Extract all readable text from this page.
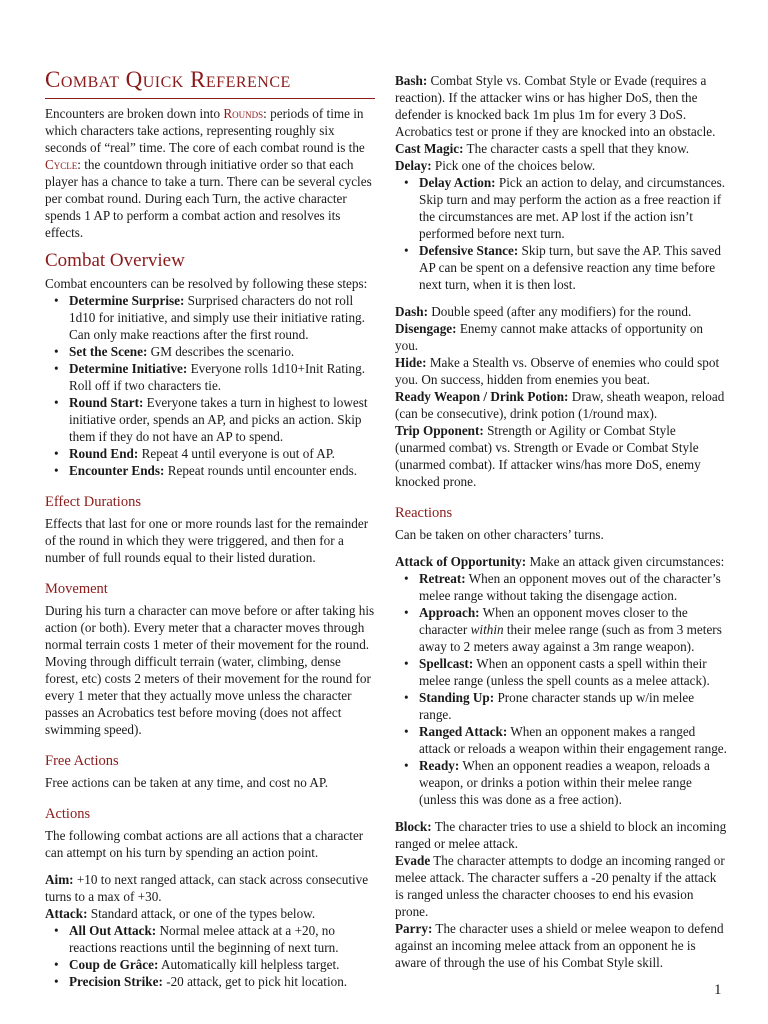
Combat Quick Reference

Encounters are broken down into Rounds: periods of time in which characters take actions, representing roughly six seconds of “real” time. The core of each combat round is the Cycle: the countdown through initiative order so that each player has a chance to take a turn. There can be several cycles per combat round. During each Turn, the active character spends 1 AP to perform a combat action and resolves its effects.

Combat Overview

Combat encounters can be resolved by following these steps:

• Determine Surprise: Surprised characters do not roll 1d10 for initiative, and simply use their initiative rating. Can only make reactions after the first round.
• Set the Scene: GM describes the scenario.
• Determine Initiative: Everyone rolls 1d10+Init Rating. Roll off if two characters tie.
• Round Start: Everyone takes a turn in highest to lowest initiative order, spends an AP, and picks an action. Skip them if they do not have an AP to spend.
• Round End: Repeat 4 until everyone is out of AP.
• Encounter Ends: Repeat rounds until encounter ends.
Effect Durations

Effects that last for one or more rounds last for the remainder of the round in which they were triggered, and then for a number of full rounds equal to their listed duration.

Movement

During his turn a character can move before or after taking his action (or both). Every meter that a character moves through normal terrain costs 1 meter of their movement for the round. Moving through difficult terrain (water, climbing, dense forest, etc) costs 2 meters of their movement for the round for every 1 meter that they actually move unless the character passes an Acrobatics test before moving (does not affect swimming speed).

Free Actions

Free actions can be taken at any time, and cost no AP.

Actions

The following combat actions are all actions that a character can attempt on his turn by spending an action point.

Aim: +10 to next ranged attack, can stack across consecutive turns to a max of +30.

Attack: Standard attack, or one of the types below.

• All Out Attack: Normal melee attack at a +20, no reactions reactions until the beginning of next turn.
• Coup de Grâce: Automatically kill helpless target.
• Precision Strike: -20 attack, get to pick hit location.

Bash: Combat Style vs. Combat Style or Evade (requires a reaction). If the attacker wins or has higher DoS, then the defender is knocked back 1m plus 1m for every 3 DoS. Acrobatics test or prone if they are knocked into an obstacle.

Cast Magic: The character casts a spell that they know.

Delay: Pick one of the choices below.

• Delay Action: Pick an action to delay, and circumstances. Skip turn and may perform the action as a free reaction if the circumstances are met. AP lost if the action isn’t performed before next turn.
• Defensive Stance: Skip turn, but save the AP. This saved AP can be spent on a defensive reaction any time before next turn, when it is then lost.

Dash: Double speed (after any modifiers) for the round.

Disengage: Enemy cannot make attacks of opportunity on you.

Hide: Make a Stealth vs. Observe of enemies who could spot you. On success, hidden from enemies you beat.

Ready Weapon / Drink Potion: Draw, sheath weapon, reload (can be consecutive), drink potion (1/round max).

Trip Opponent: Strength or Agility or Combat Style (unarmed combat) vs. Strength or Evade or Combat Style (unarmed combat). If attacker wins/has more DoS, enemy knocked prone.

Reactions

Can be taken on other characters’ turns.

Attack of Opportunity: Make an attack given circumstances:

• Retreat: When an opponent moves out of the character’s melee range without taking the disengage action.
• Approach: When an opponent moves closer to the character within their melee range (such as from 3 meters away to 2 meters away against a 3m range weapon).
• Spellcast: When an opponent casts a spell within their melee range (unless the spell counts as a melee attack).
• Standing Up: Prone character stands up w/in melee range.
• Ranged Attack: When an opponent makes a ranged attack or reloads a weapon within their engagement range.
• Ready: When an opponent readies a weapon, reloads a weapon, or drinks a potion within their melee range (unless this was done as a free action).

Block: The character tries to use a shield to block an incoming ranged or melee attack.

Evade The character attempts to dodge an incoming ranged or melee attack. The character suffers a -20 penalty if the attack is ranged unless the character chooses to end his evasion prone.

Parry: The character uses a shield or melee weapon to defend against an incoming melee attack from an opponent he is aware of through the use of his Combat Style skill.

1
